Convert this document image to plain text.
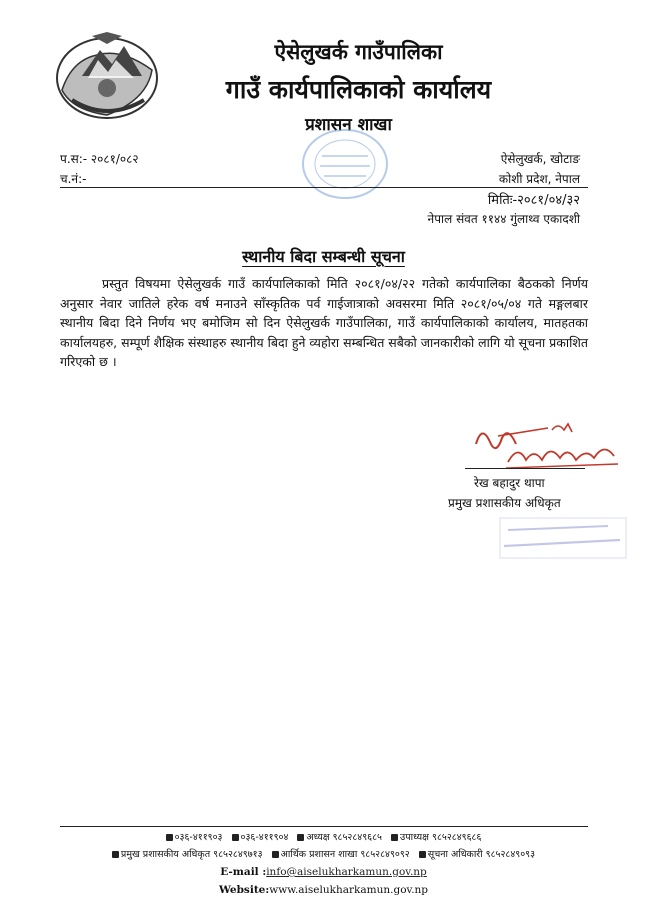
ऐसेलुखर्क गाउँपालिका
गाउँ कार्यपालिकाको कार्यालय
प्रशासन शाखा
प.स:- २०८१/०८२
च.नं:-
ऐसेलुखर्क, खोटाङ
कोशी प्रदेश, नेपाल
मितिः-२०८१/०४/३२
नेपाल संवत ११४४ गुंलाथ्व एकादशी
स्थानीय बिदा सम्बन्धी सूचना

प्रस्तुत विषयमा ऐसेलुखर्क गाउँ कार्यपालिकाको मिति २०८१/०४/२२ गतेको कार्यपालिका बैठकको निर्णय अनुसार नेवार जातिले हरेक वर्ष मनाउने साँस्कृतिक पर्व गाईजात्राको अवसरमा मिति २०८१/०५/०४ गते मङ्गलबार स्थानीय बिदा दिने निर्णय भए बमोजिम सो दिन ऐसेलुखर्क गाउँपालिका, गाउँ कार्यपालिकाको कार्यालय, मातहतका कार्यालयहरु, सम्पूर्ण शैक्षिक संस्थाहरु स्थानीय बिदा हुने व्यहोरा सम्बन्धित सबैको जानकारीको लागि यो सूचना प्रकाशित गरिएको छ ।

रेख बहादुर थापा
प्रमुख प्रशासकीय अधिकृत
०३६-४११९०३ ०३६-४११९०४ अध्यक्ष ९८५२८४९६८५ उपाध्यक्ष ९८५२८४९६८६
प्रमुख प्रशासकीय अधिकृत ९८५२८४९७१३ आर्थिक प्रशासन शाखा ९८५२८४९०९२ सूचना अधिकारी ९८५२८४९०९३
E-mail :info@aiselukharkamun.gov.np
Website:www.aiselukharkamun.gov.np
